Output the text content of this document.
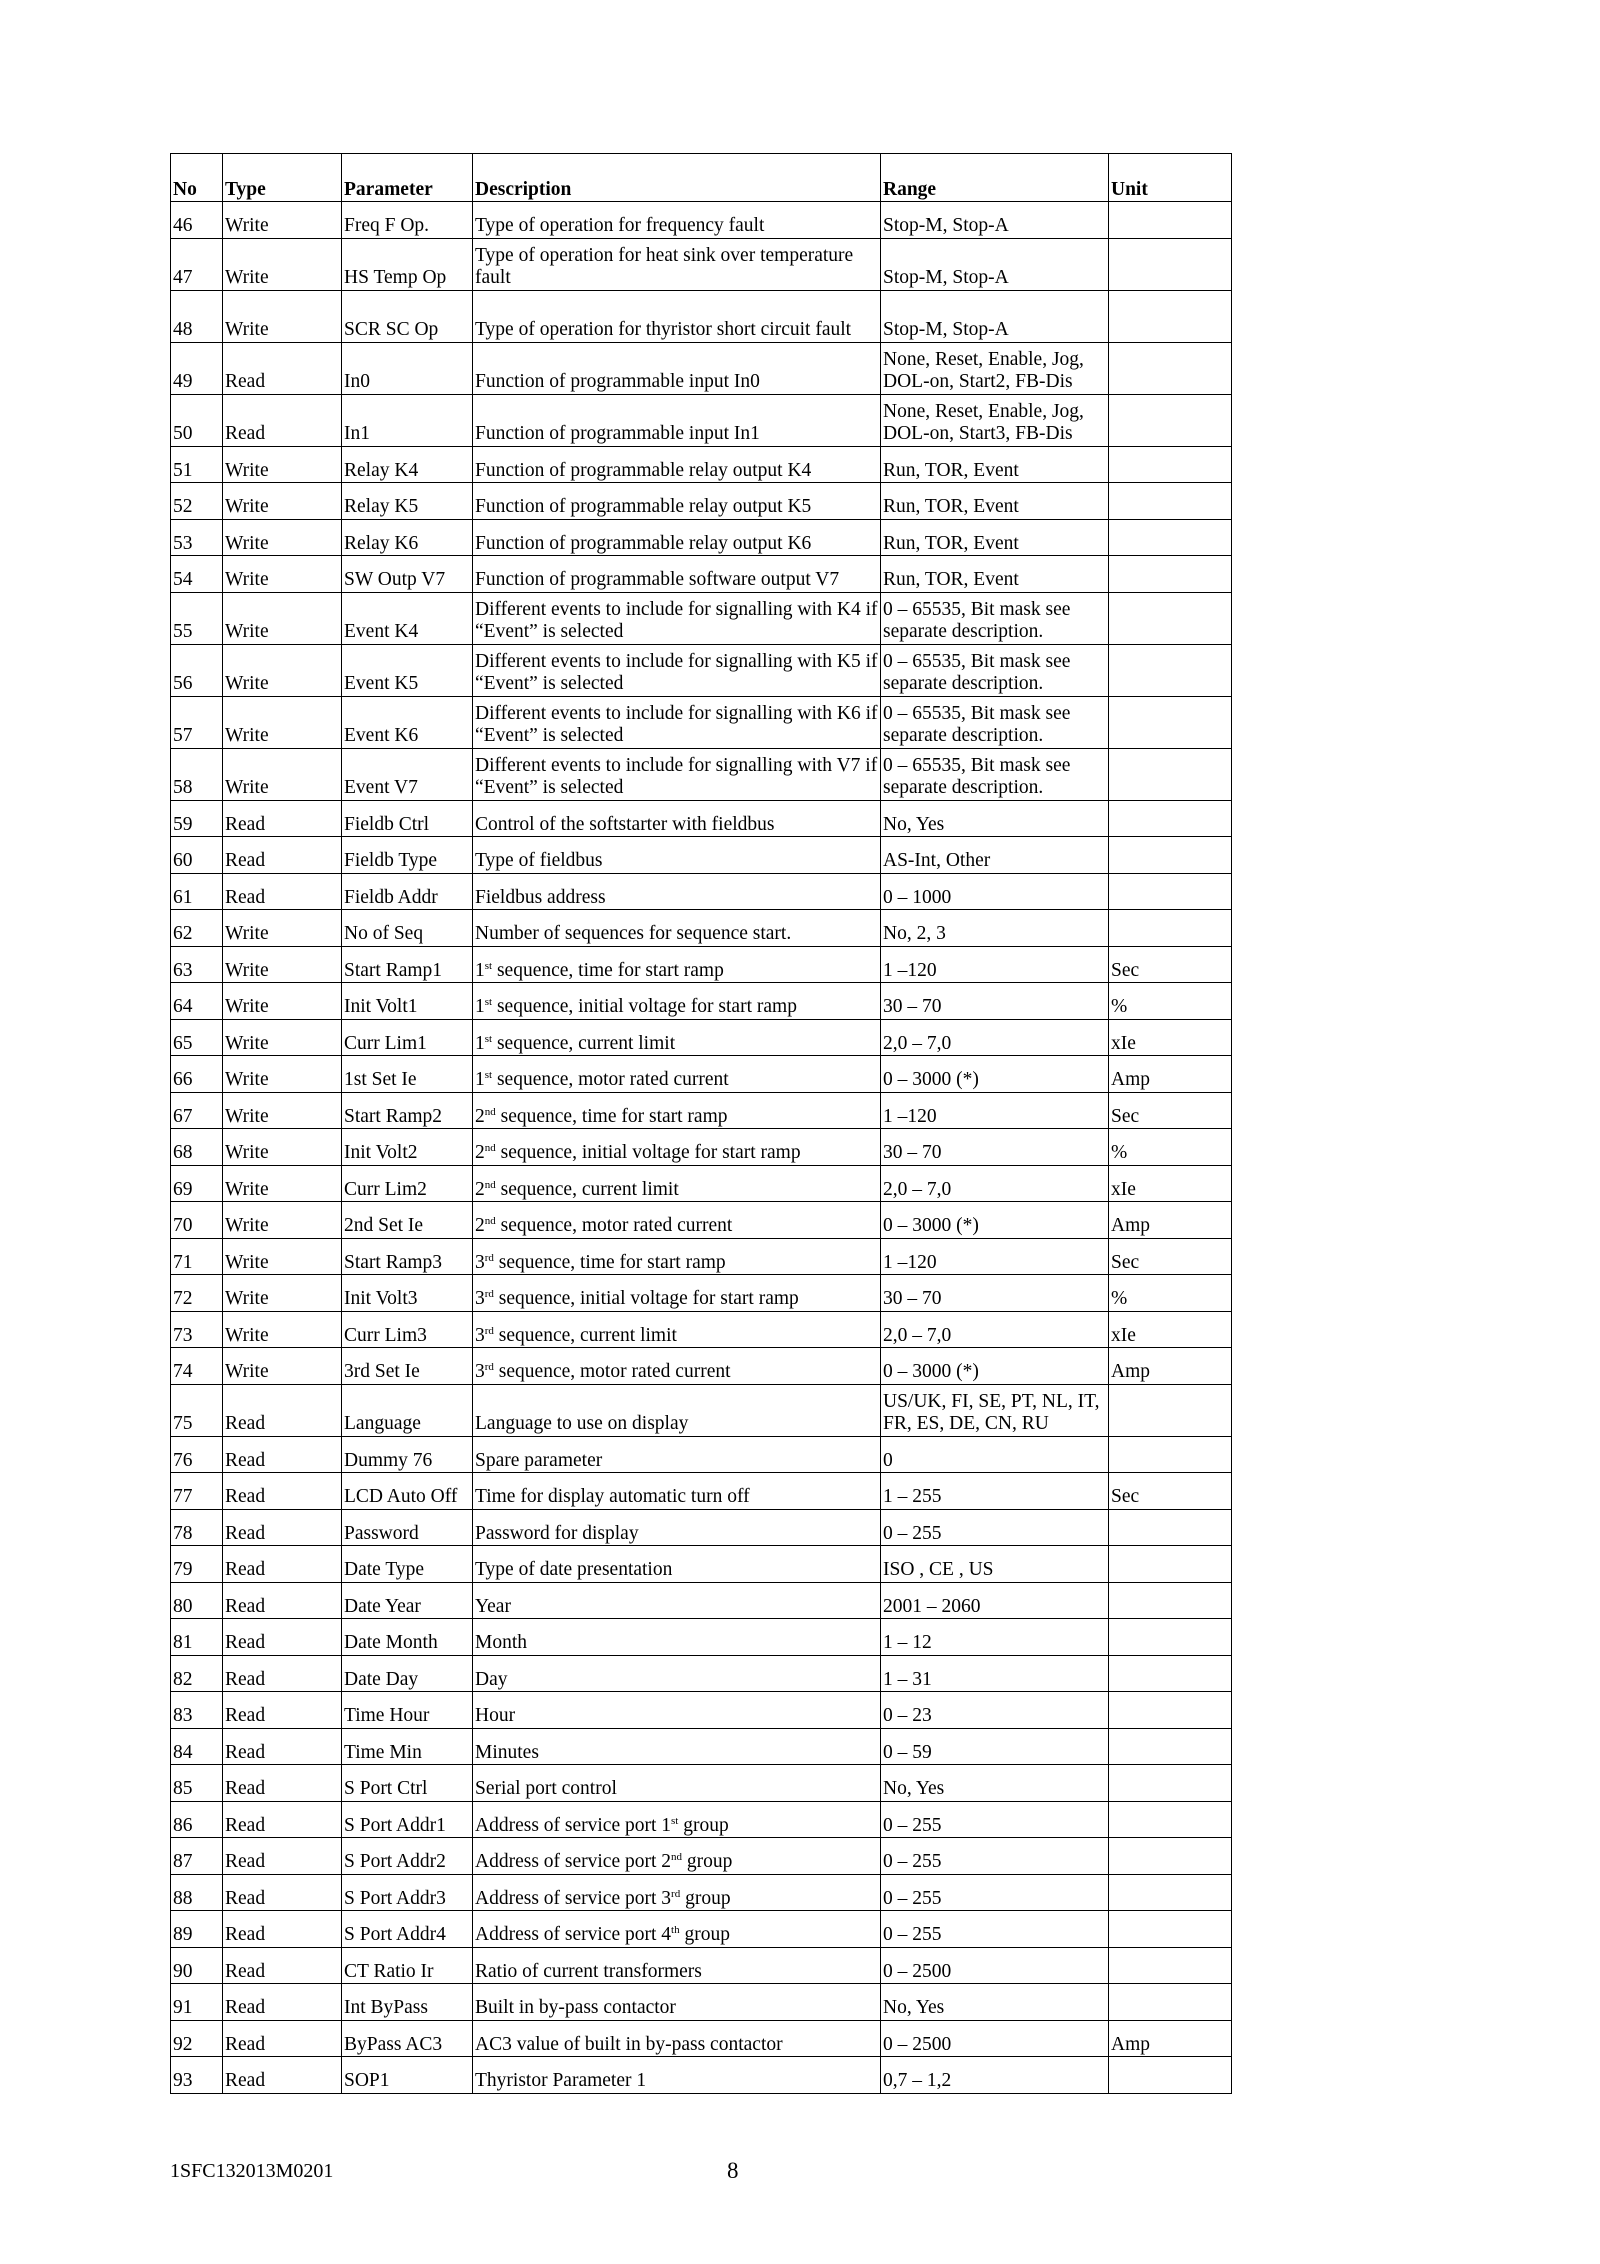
No	Type	Parameter	Description	Range	Unit
46	Write	Freq F Op.	Type of operation for frequency fault	Stop-M, Stop-A	
47	Write	HS Temp Op	Type of operation for heat sink over temperature fault	Stop-M, Stop-A	
48	Write	SCR SC Op	Type of operation for thyristor short circuit fault	Stop-M, Stop-A	
49	Read	In0	Function of programmable input In0	None, Reset, Enable, Jog, DOL-on, Start2, FB-Dis	
50	Read	In1	Function of programmable input In1	None, Reset, Enable, Jog, DOL-on, Start3, FB-Dis	
51	Write	Relay K4	Function of programmable relay output K4	Run, TOR, Event	
52	Write	Relay K5	Function of programmable relay output K5	Run, TOR, Event	
53	Write	Relay K6	Function of programmable relay output K6	Run, TOR, Event	
54	Write	SW Outp V7	Function of programmable software output V7	Run, TOR, Event	
55	Write	Event K4	Different events to include for signalling with K4 if “Event” is selected	0 – 65535, Bit mask see separate description.	
56	Write	Event K5	Different events to include for signalling with K5 if “Event” is selected	0 – 65535, Bit mask see separate description.	
57	Write	Event K6	Different events to include for signalling with K6 if “Event” is selected	0 – 65535, Bit mask see separate description.	
58	Write	Event V7	Different events to include for signalling with V7 if “Event” is selected	0 – 65535, Bit mask see separate description.	
59	Read	Fieldb Ctrl	Control of the softstarter with fieldbus	No, Yes	
60	Read	Fieldb Type	Type of fieldbus	AS-Int, Other	
61	Read	Fieldb Addr	Fieldbus address	0 – 1000	
62	Write	No of Seq	Number of sequences for sequence start.	No, 2, 3	
63	Write	Start Ramp1	1st sequence, time for start ramp	1 –120	Sec
64	Write	Init Volt1	1st sequence, initial voltage for start ramp	30 – 70	%
65	Write	Curr Lim1	1st sequence, current limit	2,0 – 7,0	xIe
66	Write	1st Set Ie	1st sequence, motor rated current	0 – 3000 (*)	Amp
67	Write	Start Ramp2	2nd sequence, time for start ramp	1 –120	Sec
68	Write	Init Volt2	2nd sequence, initial voltage for start ramp	30 – 70	%
69	Write	Curr Lim2	2nd sequence, current limit	2,0 – 7,0	xIe
70	Write	2nd Set Ie	2nd sequence, motor rated current	0 – 3000 (*)	Amp
71	Write	Start Ramp3	3rd sequence, time for start ramp	1 –120	Sec
72	Write	Init Volt3	3rd sequence, initial voltage for start ramp	30 – 70	%
73	Write	Curr Lim3	3rd sequence, current limit	2,0 – 7,0	xIe
74	Write	3rd Set Ie	3rd sequence, motor rated current	0 – 3000 (*)	Amp
75	Read	Language	Language to use on display	US/UK, FI, SE, PT, NL, IT, FR, ES, DE, CN, RU	
76	Read	Dummy 76	Spare parameter	0	
77	Read	LCD Auto Off	Time for display automatic turn off	1 – 255	Sec
78	Read	Password	Password for display	0 – 255	
79	Read	Date Type	Type of date presentation	ISO , CE , US	
80	Read	Date Year	Year	2001 – 2060	
81	Read	Date Month	Month	1 – 12	
82	Read	Date Day	Day	1 – 31	
83	Read	Time Hour	Hour	0 – 23	
84	Read	Time Min	Minutes	0 – 59	
85	Read	S Port Ctrl	Serial port control	No, Yes	
86	Read	S Port Addr1	Address of service port 1st group	0 – 255	
87	Read	S Port Addr2	Address of service port 2nd group	0 – 255	
88	Read	S Port Addr3	Address of service port 3rd group	0 – 255	
89	Read	S Port Addr4	Address of service port 4th group	0 – 255	
90	Read	CT Ratio Ir	Ratio of current transformers	0 – 2500	
91	Read	Int ByPass	Built in by-pass contactor	No, Yes	
92	Read	ByPass AC3	AC3 value of built in by-pass contactor	0 – 2500	Amp
93	Read	SOP1	Thyristor Parameter 1	0,7 – 1,2	
1SFC132013M0201	8
